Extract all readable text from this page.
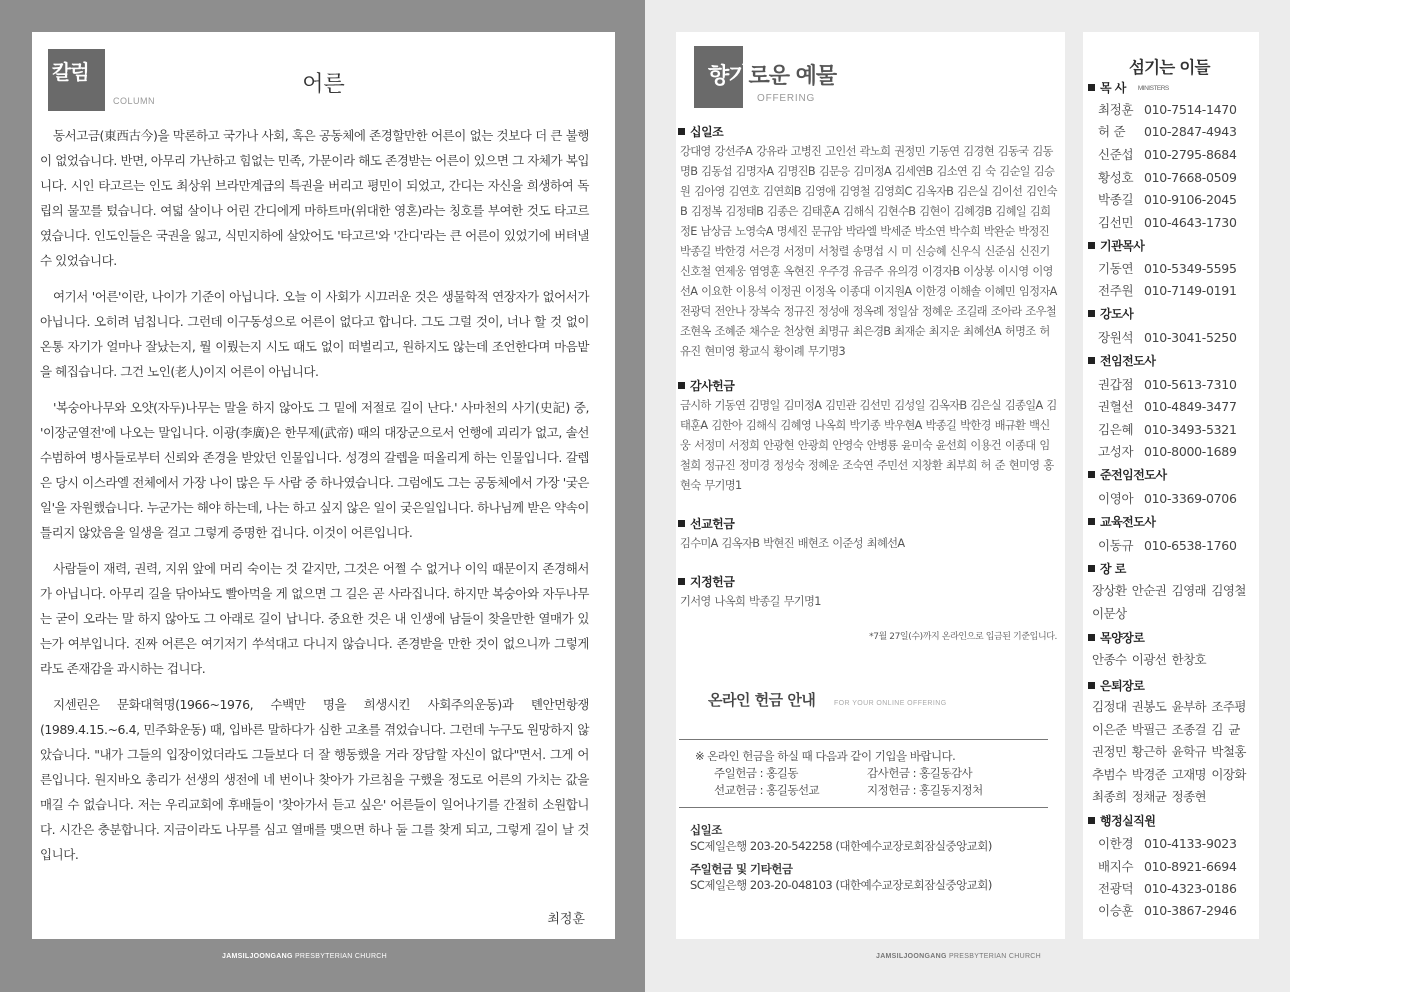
칼럼
COLUMN
어른

동서고금(東西古今)을 막론하고 국가나 사회, 혹은 공동체에 존경할만한 어른이 없는 것보다 더 큰 불행이 없었습니다. 반면, 아무리 가난하고 힘없는 민족, 가문이라 해도 존경받는 어른이 있으면 그 자체가 복입니다. 시인 타고르는 인도 최상위 브라만계급의 특권을 버리고 평민이 되었고, 간디는 자신을 희생하여 독립의 물꼬를 텄습니다. 여덟 살이나 어린 간디에게 마하트마(위대한 영혼)라는 칭호를 부여한 것도 타고르였습니다. 인도인들은 국권을 잃고, 식민지하에 살았어도 '타고르'와 '간디'라는 큰 어른이 있었기에 버텨낼 수 있었습니다.

여기서 '어른'이란, 나이가 기준이 아닙니다. 오늘 이 사회가 시끄러운 것은 생물학적 연장자가 없어서가 아닙니다. 오히려 넘칩니다. 그런데 이구동성으로 어른이 없다고 합니다. 그도 그럴 것이, 너나 할 것 없이 온통 자기가 얼마나 잘났는지, 뭘 이뤘는지 시도 때도 없이 떠벌리고, 원하지도 않는데 조언한다며 마음밭을 헤집습니다. 그건 노인(老人)이지 어른이 아닙니다.

'복숭아나무와 오얏(자두)나무는 말을 하지 않아도 그 밑에 저절로 길이 난다.' 사마천의 사기(史記) 중, '이장군열전'에 나오는 말입니다. 이광(李廣)은 한무제(武帝) 때의 대장군으로서 언행에 괴리가 없고, 솔선수범하여 병사들로부터 신뢰와 존경을 받았던 인물입니다. 성경의 갈렙을 떠올리게 하는 인물입니다. 갈렙은 당시 이스라엘 전체에서 가장 나이 많은 두 사람 중 하나였습니다. 그럼에도 그는 공동체에서 가장 '궂은일'을 자원했습니다. 누군가는 해야 하는데, 나는 하고 싶지 않은 일이 궂은일입니다. 하나님께 받은 약속이 틀리지 않았음을 일생을 걸고 그렇게 증명한 겁니다. 이것이 어른입니다.

사람들이 재력, 권력, 지위 앞에 머리 숙이는 것 같지만, 그것은 어쩔 수 없거나 이익 때문이지 존경해서가 아닙니다. 아무리 길을 닦아놔도 빨아먹을 게 없으면 그 길은 곧 사라집니다. 하지만 복숭아와 자두나무는 굳이 오라는 말 하지 않아도 그 아래로 길이 납니다. 중요한 것은 내 인생에 남들이 찾을만한 열매가 있는가 여부입니다. 진짜 어른은 여기저기 쑤석대고 다니지 않습니다. 존경받을 만한 것이 없으니까 그렇게라도 존재감을 과시하는 겁니다.

지센린은 문화대혁명(1966~1976, 수백만 명을 희생시킨 사회주의운동)과 톈안먼항쟁(1989.4.15.~6.4, 민주화운동) 때, 입바른 말하다가 심한 고초를 겪었습니다. 그런데 누구도 원망하지 않았습니다. "내가 그들의 입장이었더라도 그들보다 더 잘 행동했을 거라 장담할 자신이 없다"면서. 그게 어른입니다. 원지바오 총리가 선생의 생전에 네 번이나 찾아가 가르침을 구했을 정도로 어른의 가치는 값을 매길 수 없습니다. 저는 우리교회에 후배들이 '찾아가서 듣고 싶은' 어른들이 일어나기를 간절히 소원합니다. 시간은 충분합니다. 지금이라도 나무를 심고 열매를 맺으면 하나 둘 그를 찾게 되고, 그렇게 길이 날 것입니다.

최정훈
JAMSILJOONGANG PRESBYTERIAN CHURCH	JAMSILJOONGANG PRESBYTERIAN CHURCH
향기로운 예물
OFFERING
십일조
강대영 강선주A 강유라 고병진 고인선 곽노희 권정민 기동연 김경현 김동국 김동명B 김동섭 김명자A 김명진B 김문응 김미정A 김세연B 김소연 김 숙 김순일 김승원 김아영 김연호 김연희B 김영애 김영철 김영희C 김옥자B 김은실 김이선 김인숙B 김정복 김정태B 김종은 김태훈A 김해식 김현수B 김현이 김혜경B 김혜일 김희정E 남상금 노영숙A 명세진 문규암 박라엘 박세준 박소연 박수희 박완순 박정진 박종길 박한경 서은경 서정미 서청렬 송명섭 시 미 신승혜 신우식 신준심 신진기 신호철 연제웅 염영훈 옥현진 우주경 유금주 유의경 이경자B 이상봉 이시영 이영선A 이요한 이용석 이정권 이정옥 이종대 이지원A 이한경 이해솔 이혜민 임정자A 전광덕 전안나 장복숙 정규진 정성애 정옥례 정일삼 정혜운 조길래 조아라 조우철 조현옥 조혜준 채수운 천상현 최명규 최은경B 최재순 최지운 최혜선A 허명조 허유진 현미영 황교식 황이례 무기명3
감사헌금
금시하 기동연 김명일 김미정A 김민관 김선민 김성일 김옥자B 김은실 김종일A 김태훈A 김한아 김해식 김혜영 나옥희 박기종 박우현A 박종길 박한경 배규환 백신웅 서정미 서정희 안광현 안광희 안영숙 안병룡 윤미숙 윤선희 이용건 이종대 임철희 정규진 정미경 정성숙 정혜운 조숙연 주민선 지창환 최부희 허 준 현미영 홍현숙 무기명1
선교헌금
김수미A 김옥자B 박현진 배현조 이준성 최혜선A
지정헌금
기서영 나옥희 박종길 무기명1
*7월 27일(수)까지 온라인으로 입금된 기준입니다.
온라인 헌금 안내	FOR YOUR ONLINE OFFERING
※ 온라인 헌금을 하실 때 다음과 같이 기입을 바랍니다.
주일헌금 : 홍길동	감사헌금 : 홍길동감사
선교헌금 : 홍길동선교	지정헌금 : 홍길동지정처
십일조
SC제일은행 203-20-542258 (대한예수교장로회잠실중앙교회)
주일헌금 및 기타헌금
SC제일은행 203-20-048103 (대한예수교장로회잠실중앙교회)
섬기는 이들
목 사 MINISTERS
최정훈 010-7514-1470
허 준 010-2847-4943
신준섭 010-2795-8684
황성호 010-7668-0509
박종길 010-9106-2045
김선민 010-4643-1730
기관목사
기동연 010-5349-5595
전주원 010-7149-0191
강도사
장원석 010-3041-5250
전임전도사
권갑점 010-5613-7310
권혈선 010-4849-3477
김은혜 010-3493-5321
고성자 010-8000-1689
준전임전도사
이영아 010-3369-0706
교육전도사
이동규 010-6538-1760
장 로
장상환 안순권 김영래 김영철 이문상
목양장로
안종수 이광선 한창호
은퇴장로
김정대 권봉도 윤부하 조주평 이은준 박필근 조종걸 김 균 권정민 황근하 윤학규 박철홍 추범수 박경준 고재명 이장화 최종희 정채균 정종현
행정실직원
이한경 010-4133-9023
배지수 010-8921-6694
전광덕 010-4323-0186
이승훈 010-3867-2946
